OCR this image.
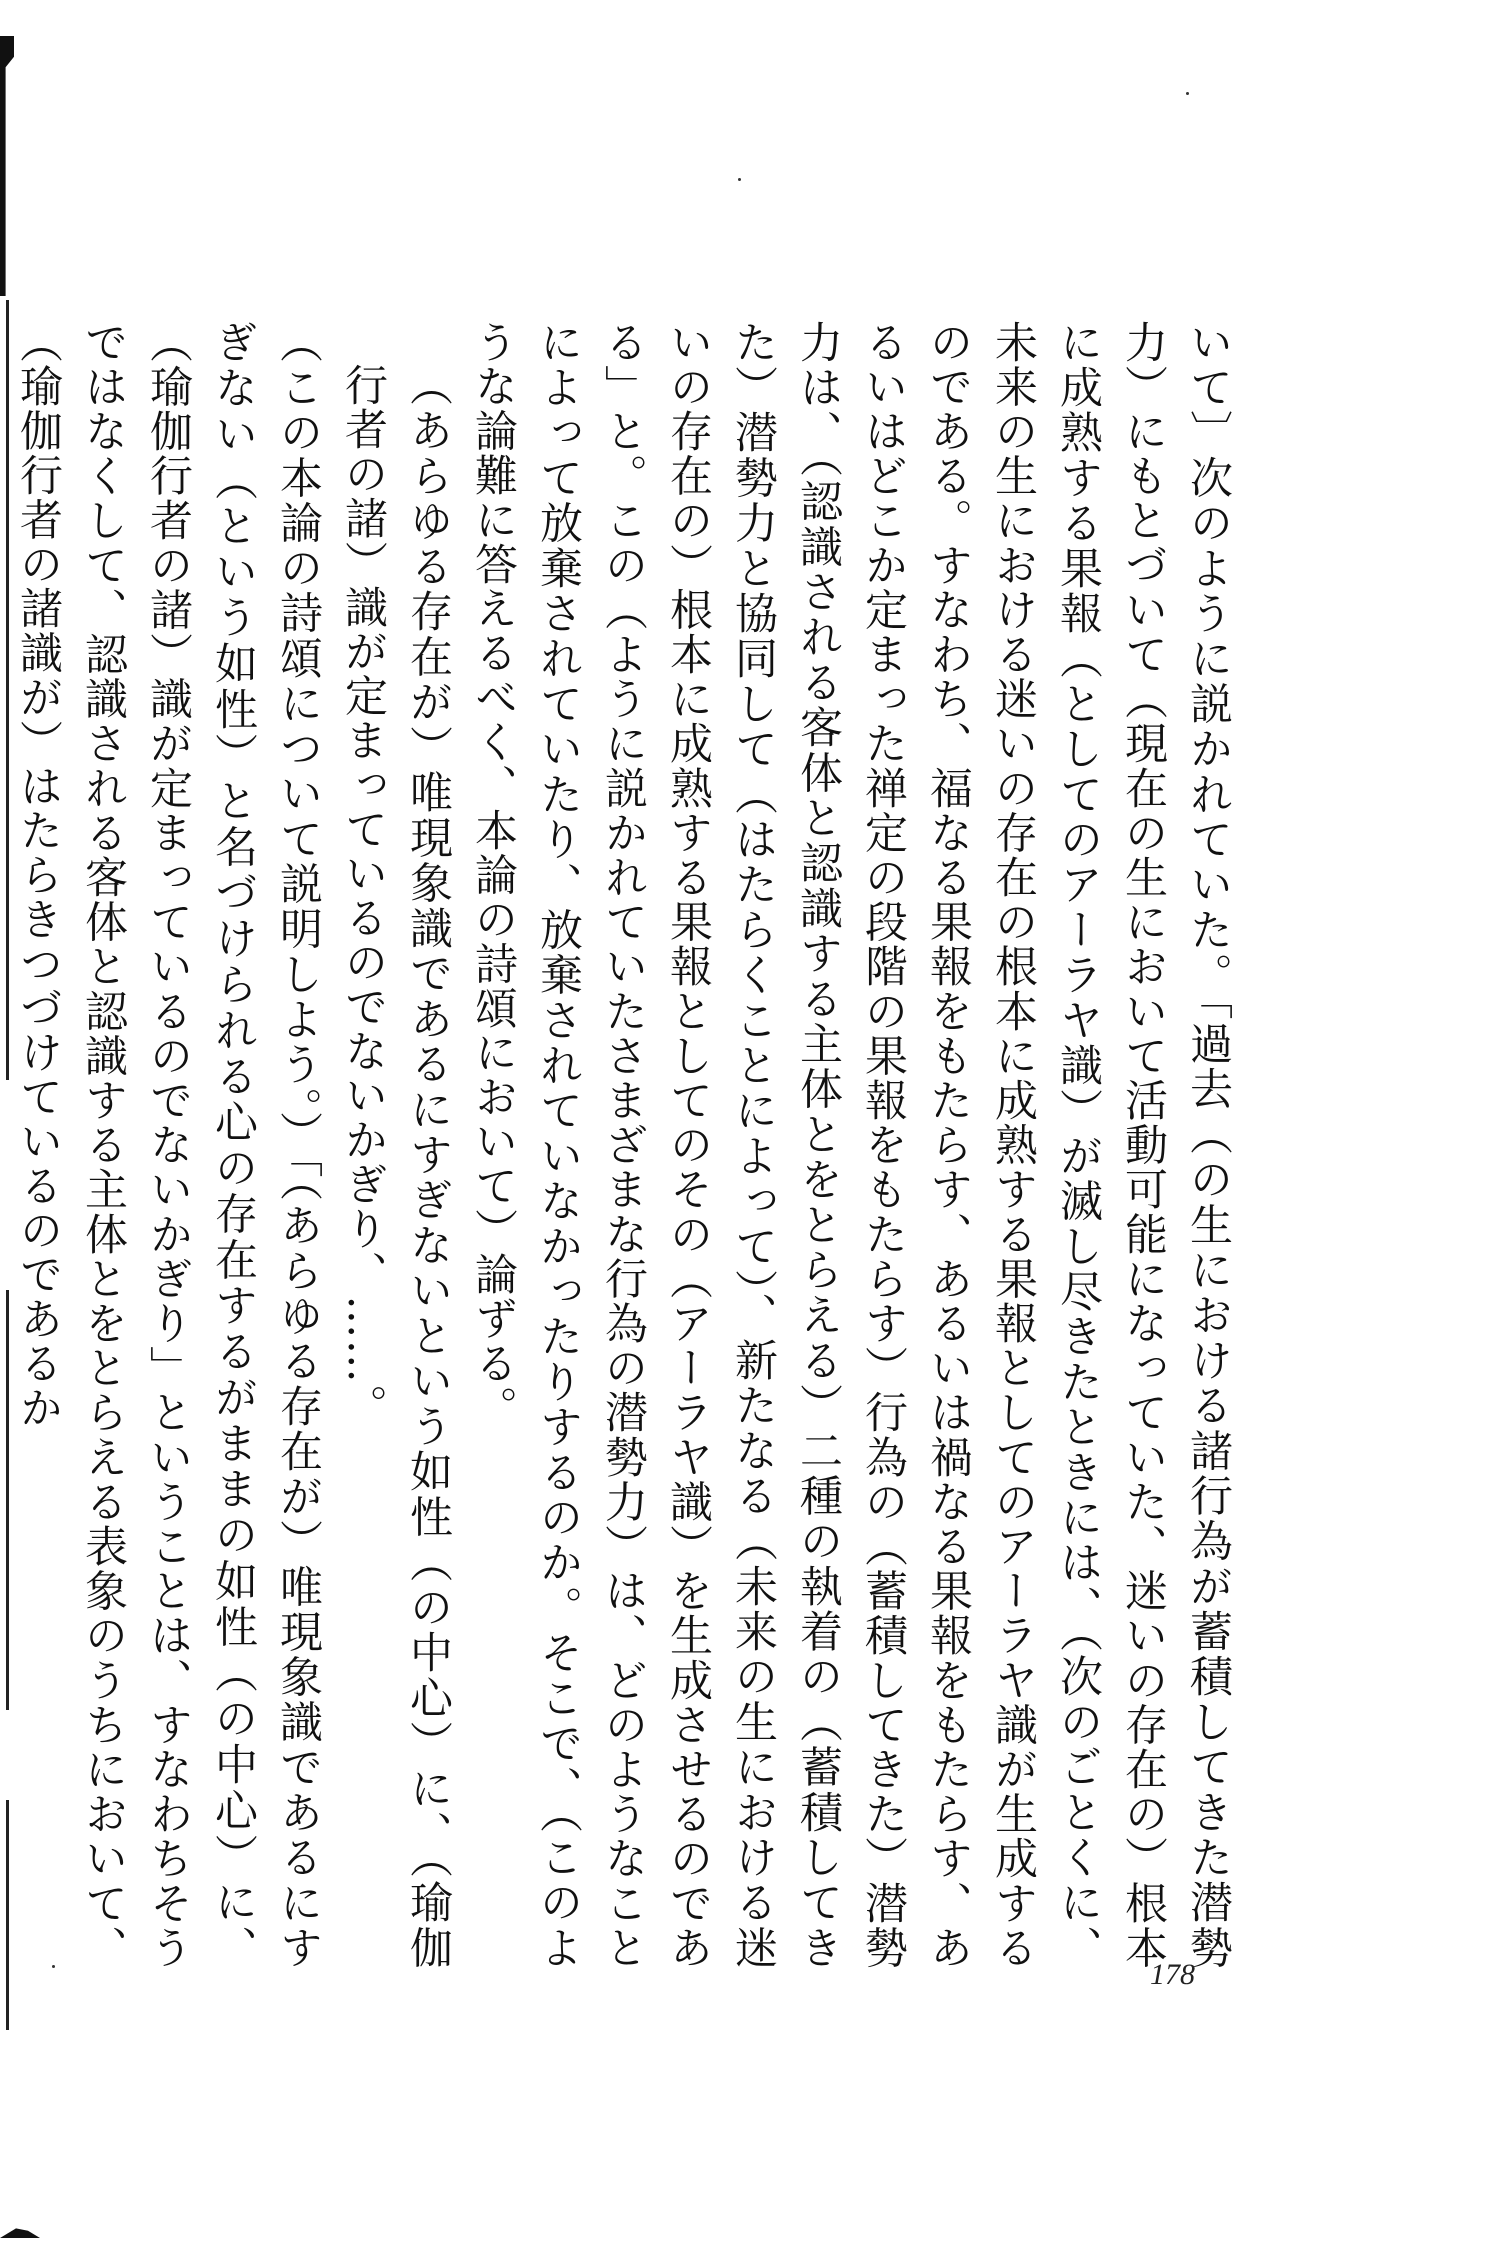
いて〕次のように説かれていた。「過去（の生における諸行為が蓄積してきた潜勢力）にもとづいて（現在の生において活動可能になっていた、迷いの存在の）根本に成熟する果報（としてのアーラヤ識）が滅し尽きたときには、（次のごとくに、未来の生における迷いの存在の根本に成熟する果報としてのアーラヤ識が生成するのである。すなわち、福なる果報をもたらす、あるいは禍なる果報をもたらす、あるいはどこか定まった禅定の段階の果報をもたらす）行為の（蓄積してきた）潜勢力は、（認識される客体と認識する主体とをとらえる）二種の執着の（蓄積してきた）潜勢力と協同して（はたらくことによって）、新たなる（未来の生における迷いの存在の）根本に成熟する果報としてのその（アーラヤ識）を生成させるのである」と。この（ように説かれていたさまざまな行為の潜勢力）は、どのようなことによって放棄されていたり、放棄されていなかったりするのか。そこで、（このような論難に答えるべく、本論の詩頌において）論ずる。

（あらゆる存在が）唯現象識であるにすぎないという如性（の中心）に、（瑜伽行者の諸）識が定まっているのでないかぎり、……。

（この本論の詩頌について説明しよう。）「（あらゆる存在が）唯現象識であるにすぎない（という如性）と名づけられる心の存在するがままの如性（の中心）に、（瑜伽行者の諸）識が定まっているのでないかぎり」ということは、すなわちそうではなくして、認識される客体と認識する主体とをとらえる表象のうちにおいて、（瑜伽行者の諸識が）はたらきつづけているのであるか

178
